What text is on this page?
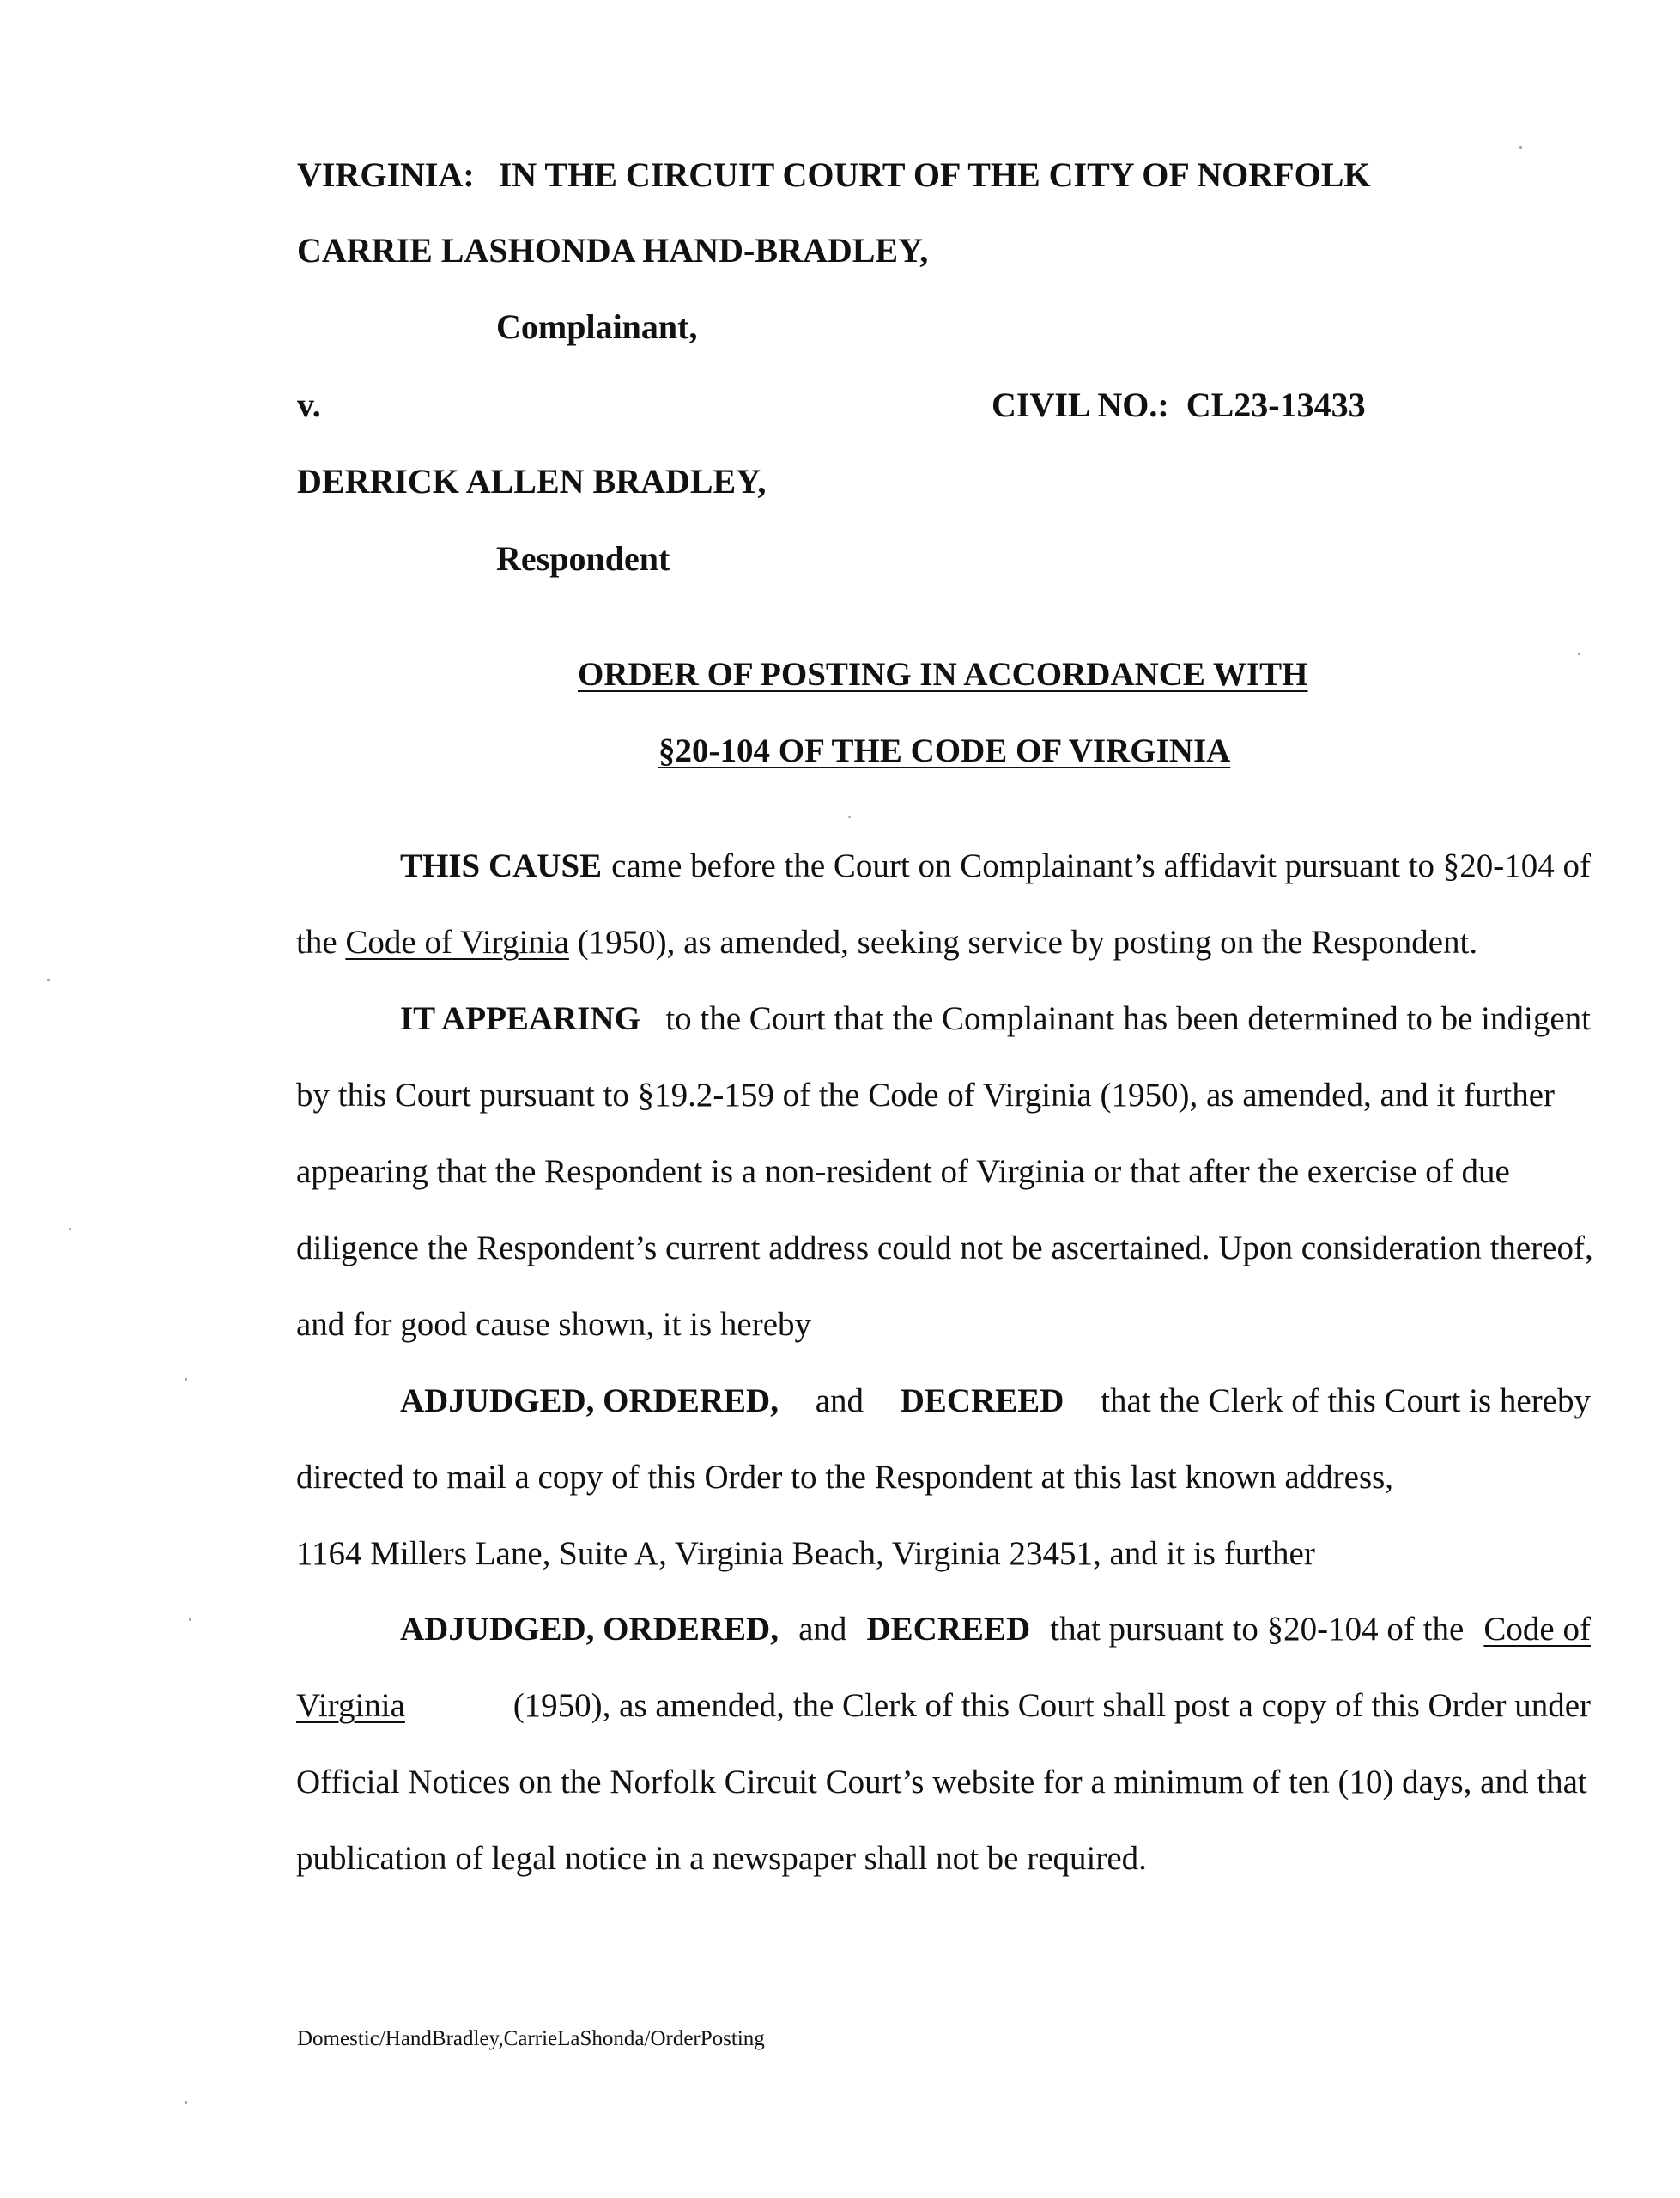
VIRGINIA: IN THE CIRCUIT COURT OF THE CITY OF NORFOLK
CARRIE LASHONDA HAND-BRADLEY,
Complainant,
v.	CIVIL NO.: CL23-13433
DERRICK ALLEN BRADLEY,
Respondent
ORDER OF POSTING IN ACCORDANCE WITH
§20-104 OF THE CODE OF VIRGINIA
THIS CAUSE came before the Court on Complainant’s affidavit pursuant to §20-104 of
the Code of Virginia (1950), as amended, seeking service by posting on the Respondent.
IT APPEARING to the Court that the Complainant has been determined to be indigent
by this Court pursuant to §19.2-159 of the Code of Virginia (1950), as amended, and it further
appearing that the Respondent is a non-resident of Virginia or that after the exercise of due
diligence the Respondent’s current address could not be ascertained. Upon consideration thereof,
and for good cause shown, it is hereby
ADJUDGED, ORDERED, and DECREED that the Clerk of this Court is hereby
directed to mail a copy of this Order to the Respondent at this last known address,
1164 Millers Lane, Suite A, Virginia Beach, Virginia 23451, and it is further
ADJUDGED, ORDERED, and DECREED that pursuant to §20-104 of the Code of
Virginia	(1950), as amended, the Clerk of this Court shall post a copy of this Order under
Official Notices on the Norfolk Circuit Court’s website for a minimum of ten (10) days, and that
publication of legal notice in a newspaper shall not be required.
Domestic/HandBradley,CarrieLaShonda/OrderPosting
